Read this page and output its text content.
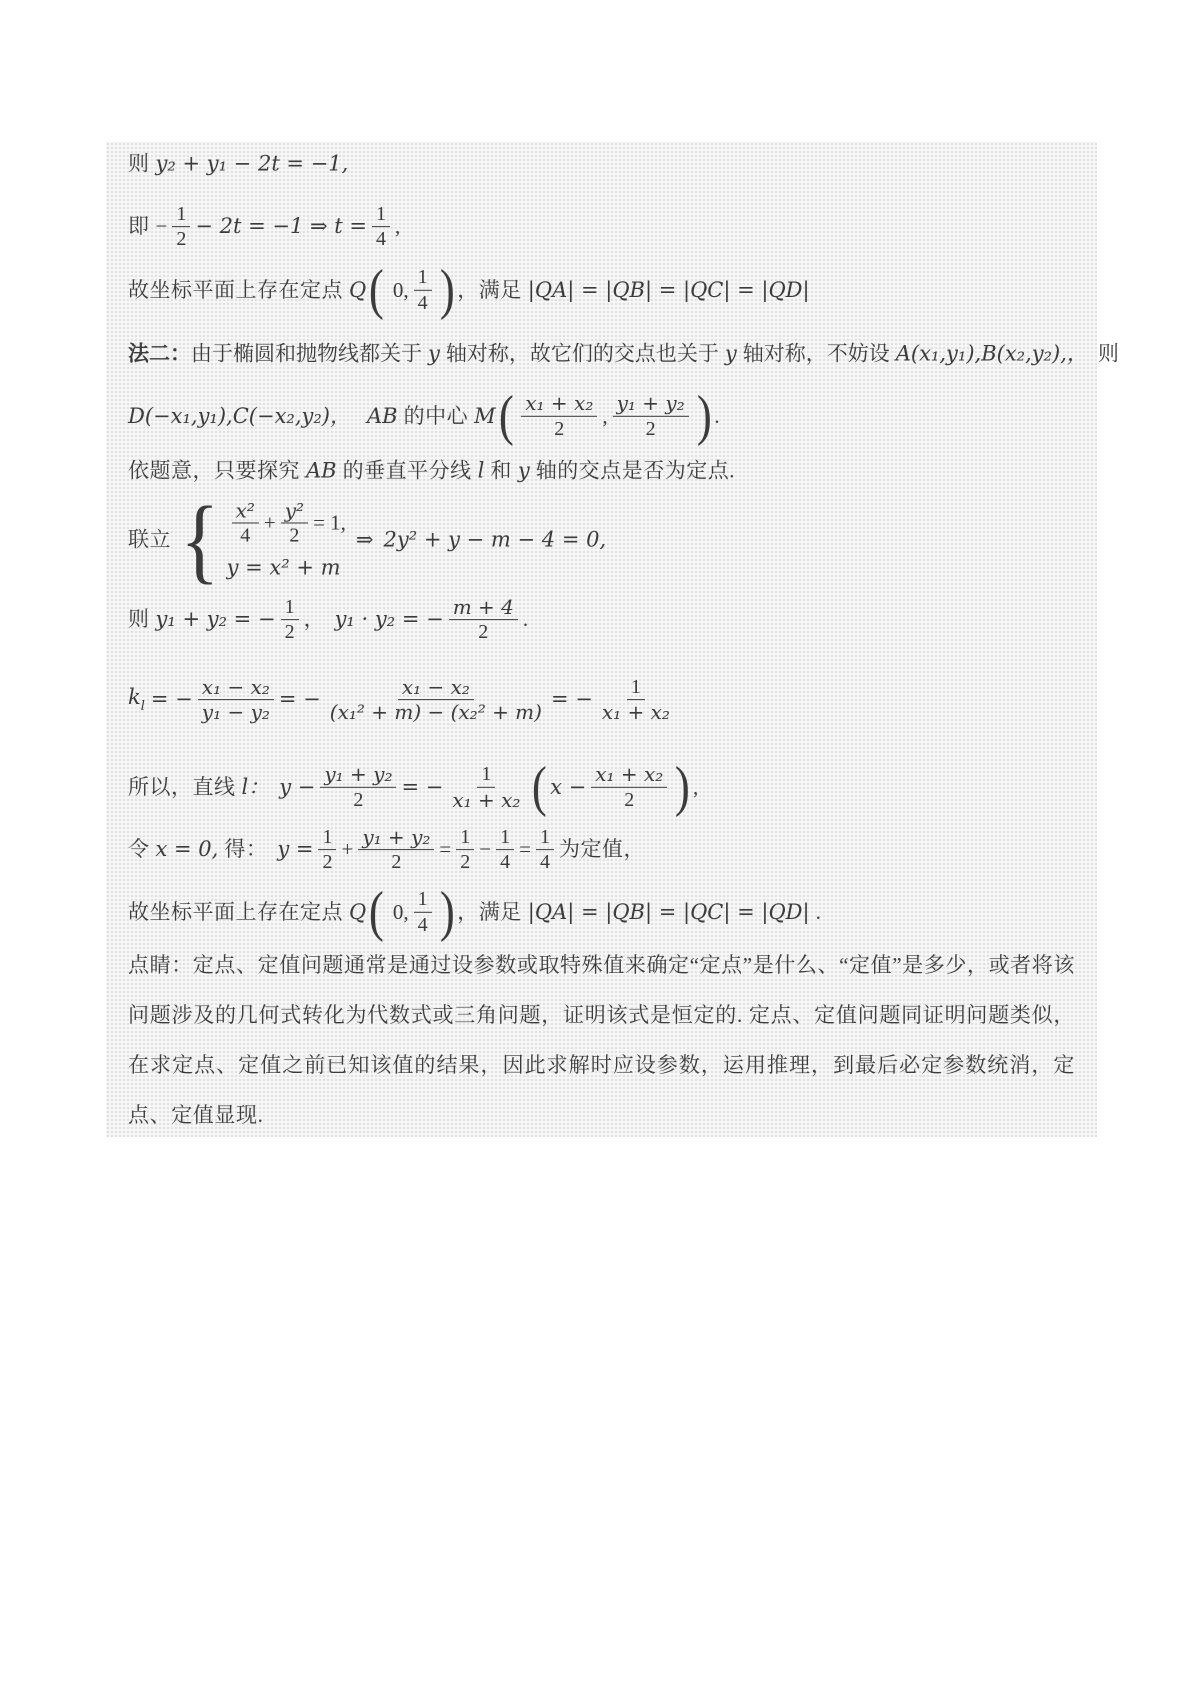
则 y₂ + y₁ − 2t = −1,
即 − $\frac{1}{2} - 2t = -1$ ⇒ $t = \frac{1}{4}$ ,
故坐标平面上存在定点 Q ( 0, $\frac{1}{4}$ ) ， 满足 |QA| = |QB| = |QC| = |QD|
法二： 由于椭圆和抛物线都关于 y 轴对称，故它们的交点也关于 y 轴对称，不妨设 A(x₁,y₁),B(x₂,y₂),， 则
D(−x₁,y₁),C(−x₂,y₂)， AB 的中心 M ( $\frac{\text{x₁ + x₂}}{2}$ , $\frac{\text{y₁ + y₂}}{2}$ ) .
依题意，只要探究 AB 的垂直平分线 l 和 y 轴的交点是否为定点.
联立 { $\frac{\text{x²}}{4} + \frac{\text{y²}}{2} = 1$,
y = x² + m
⇒ 2y² + y − m − 4 = 0,
则 y₁ + y₂ = − $\frac{1}{2}$ ， y₁ · y₂ = − $\frac{m + 4}{2}$ .
$k_l$ = − $\frac{\text{x₁ − x₂}}{\text{y₁ − y₂}}$ = − $\frac{\text{x₁ − x₂}}{\text{(x₁² + m) − (x₂² + m)}}$ = − $\frac{1}{\text{x₁ + x₂}}$
所以，直线 l： $y - \frac{\text{y₁ + y₂}}{2}$ = − $\frac{1}{\text{x₁ + x₂}}$ ( $x - \frac{\text{x₁ + x₂}}{2}$ ) ,
令 x = 0, 得： $y = \frac{1}{2} + \frac{\text{y₁ + y₂}}{2} = \frac{1}{2} - \frac{1}{4} = \frac{1}{4}$ 为定值，
故坐标平面上存在定点 Q ( 0, $\frac{1}{4}$ ) ， 满足 |QA| = |QB| = |QC| = |QD| .
点睛：定点、定值问题通常是通过设参数或取特殊值来确定“定点”是什么、“定值”是多少，或者将该问题涉及的几何式转化为代数式或三角问题，证明该式是恒定的. 定点、定值问题同证明问题类似，在求定点、定值之前已知该值的结果，因此求解时应设参数，运用推理，到最后必定参数统消，定点、定值显现.
